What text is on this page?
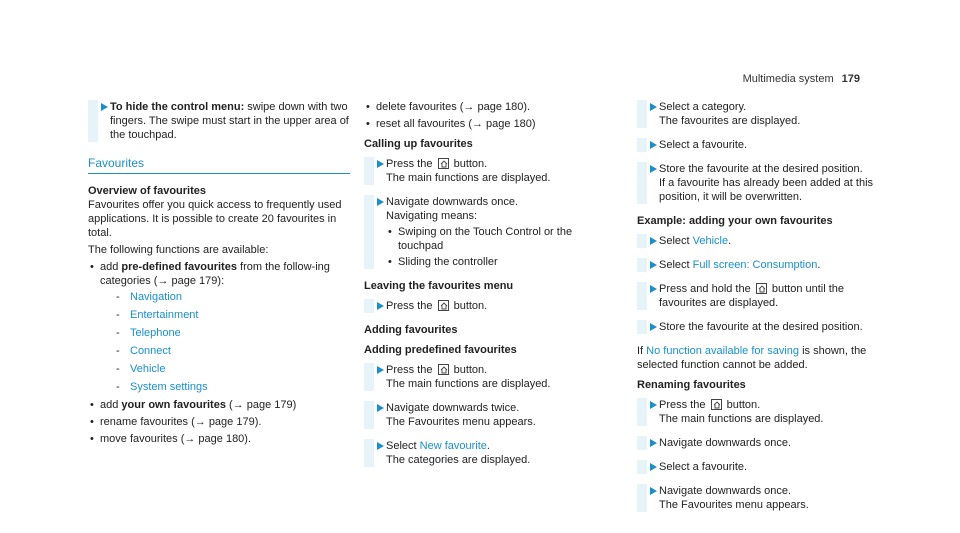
Multimedia system 179
To hide the control menu: swipe down with two fingers. The swipe must start in the upper area of the touchpad.
Favourites
Overview of favourites
Favourites offer you quick access to frequently used applications. It is possible to create 20 favourites in total.
The following functions are available:
• add pre-defined favourites from the follow‐ing categories (→ page 179):
- Navigation
- Entertainment
- Telephone
- Connect
- Vehicle
- System settings
• add your own favourites (→ page 179)
• rename favourites (→ page 179).
• move favourites (→ page 180).
• delete favourites (→ page 180).
• reset all favourites (→ page 180)
Calling up favourites
Press the
button.
The main functions are displayed.
Navigate downwards once.
Navigating means:
• Swiping on the Touch Control or the touchpad
• Sliding the controller
Leaving the favourites menu
Press the
button.
Adding favourites
Adding predefined favourites
Press the
button.
The main functions are displayed.
Navigate downwards twice.
The Favourites menu appears.
Select New favourite.
The categories are displayed.
Select a category.
The favourites are displayed.
Select a favourite.
Store the favourite at the desired position.
If a favourite has already been added at this position, it will be overwritten.
Example: adding your own favourites
Select Vehicle.
Select Full screen: Consumption.
Press and hold the
button until the favourites are displayed.
Store the favourite at the desired position.
If No function available for saving is shown, the selected function cannot be added.
Renaming favourites
Press the
button.
The main functions are displayed.
Navigate downwards once.
Select a favourite.
Navigate downwards once.
The Favourites menu appears.
